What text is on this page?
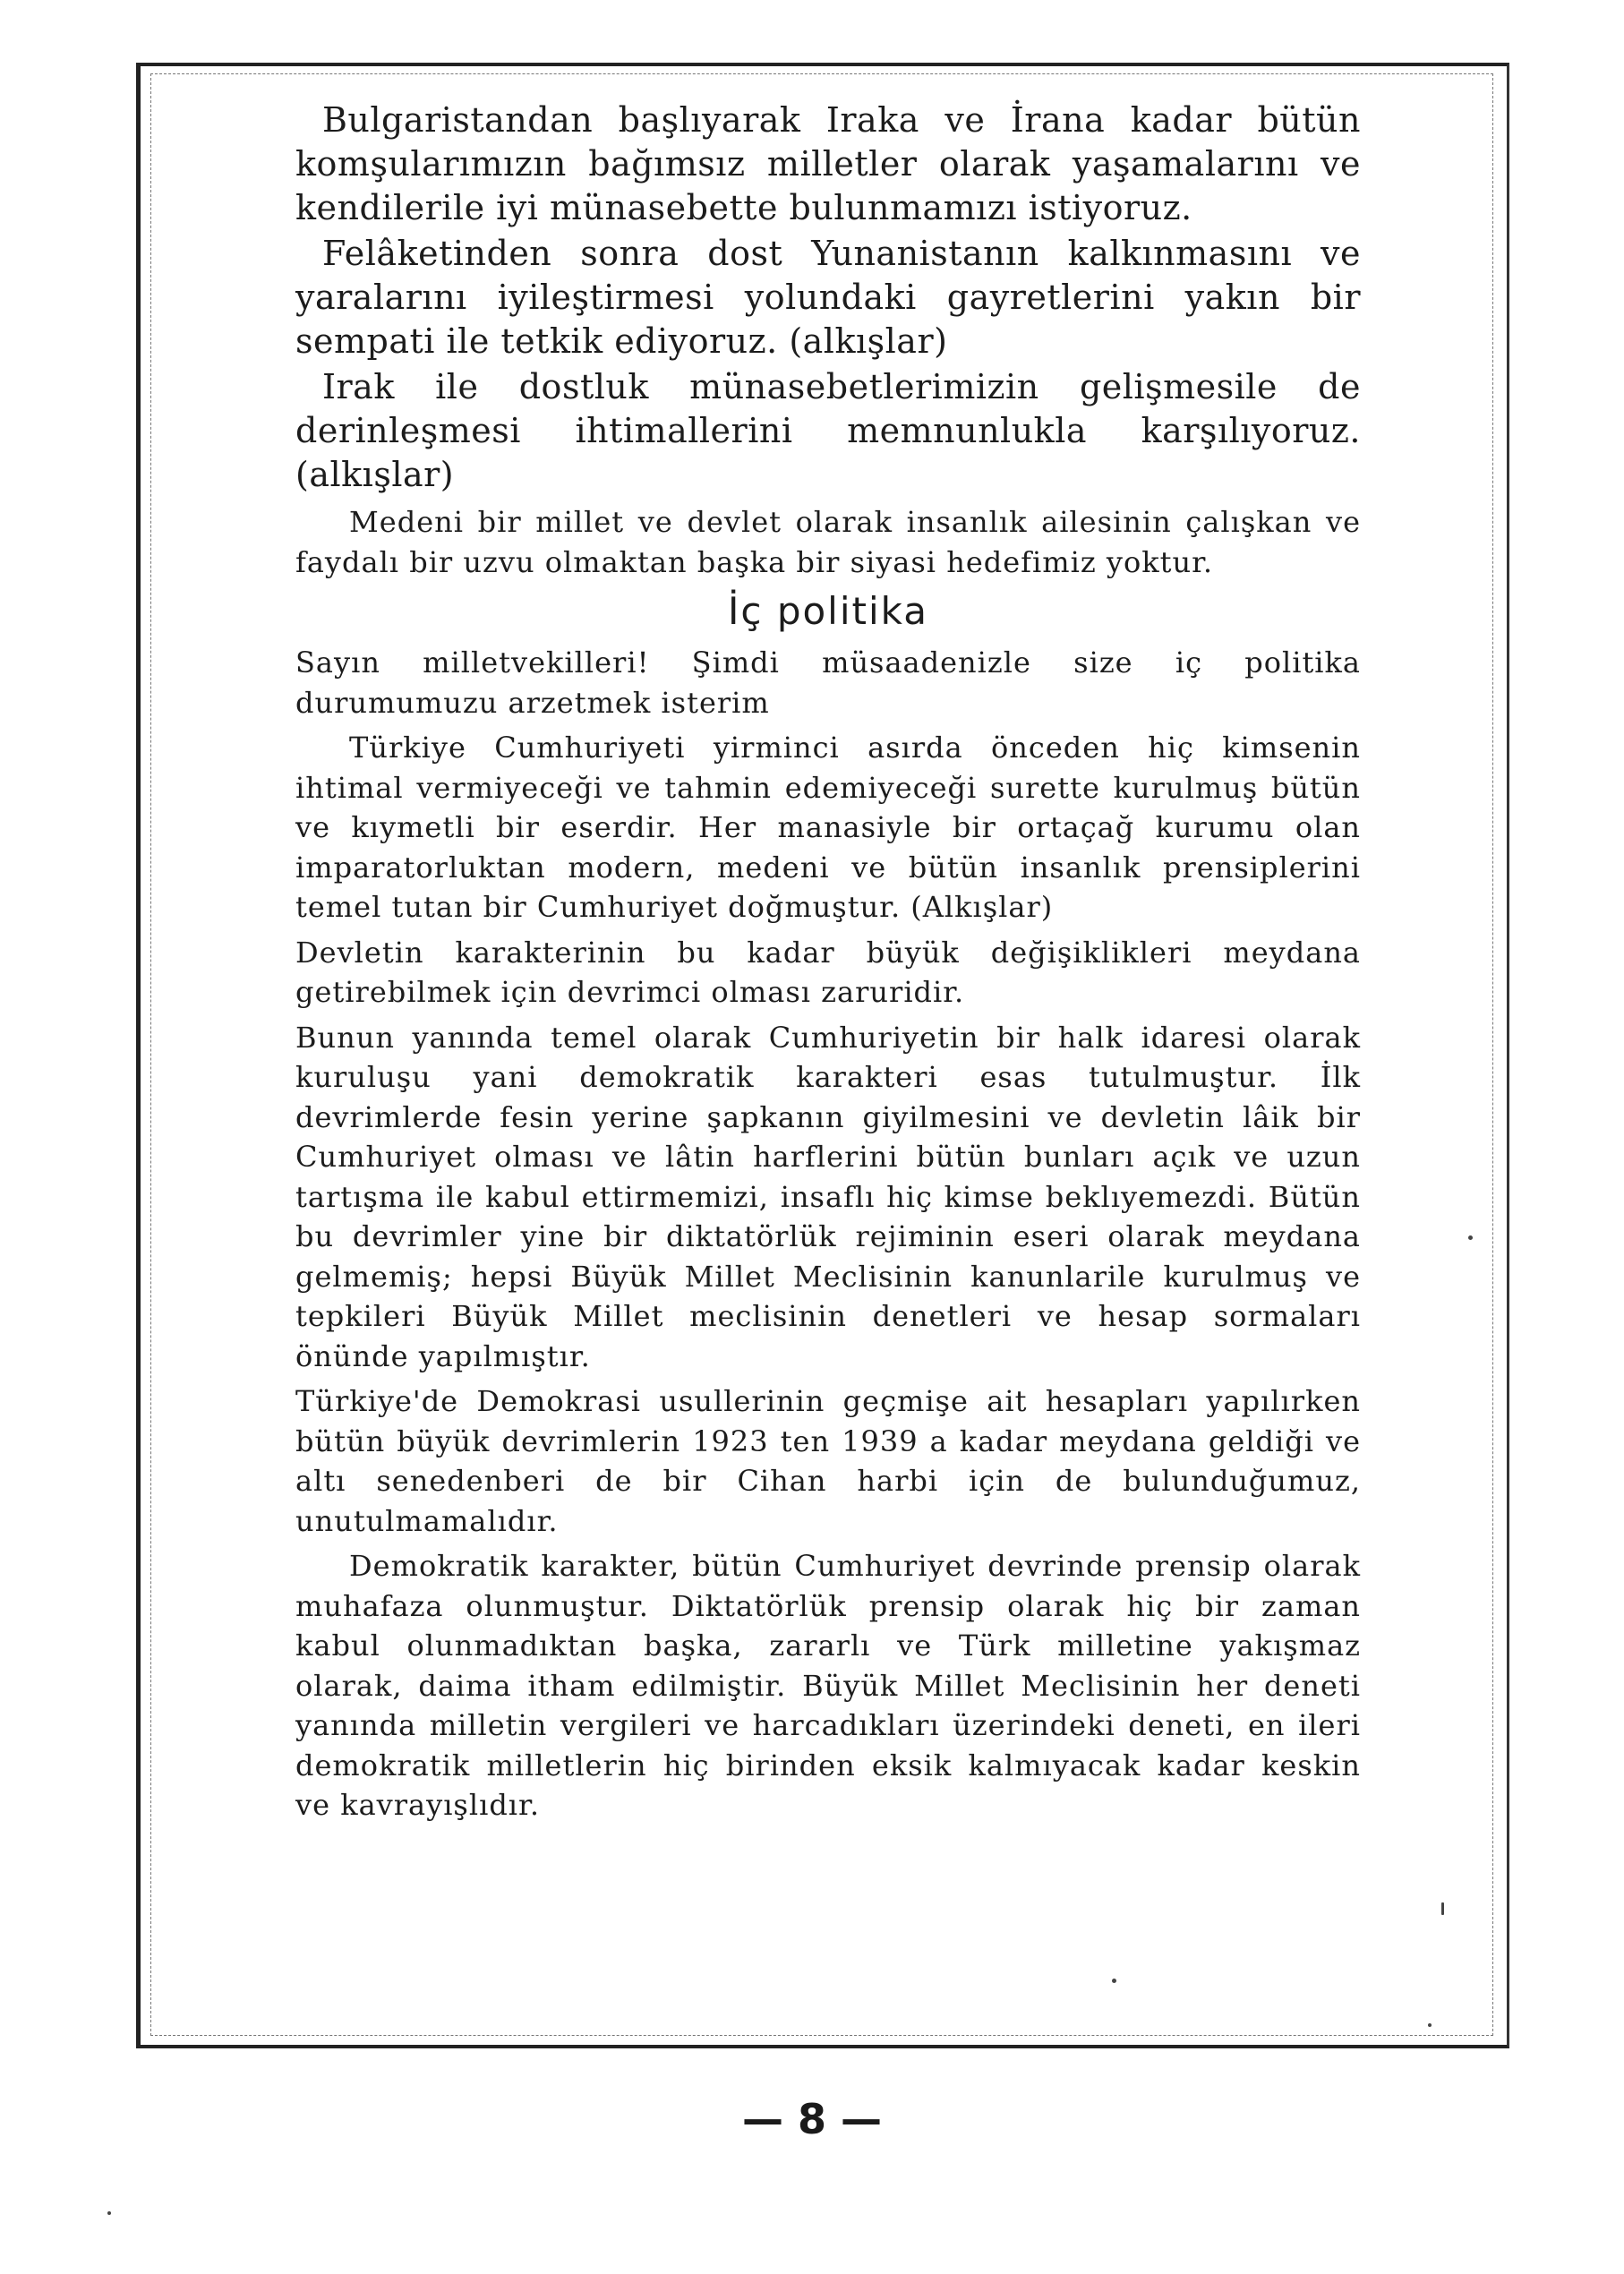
Bulgaristandan başlıyarak Iraka ve İrana kadar bütün komşularımızın bağımsız milletler olarak yaşamalarını ve kendilerile iyi münasebette bulunmamızı istiyoruz.

Felâketinden sonra dost Yunanistanın kalkınmasını ve yaralarını iyileştirmesi yolundaki gayretlerini yakın bir sempati ile tetkik ediyoruz. (alkışlar)

Irak ile dostluk münasebetlerimizin gelişmesile de derinleşmesi ihtimallerini memnunlukla karşılıyoruz. (alkışlar)

Medeni bir millet ve devlet olarak insanlık ailesinin çalışkan ve faydalı bir uzvu olmaktan başka bir siyasi hedefimiz yoktur.

İç politika

Sayın milletvekilleri! Şimdi müsaadenizle size iç politika durumumuzu arzetmek isterim

Türkiye Cumhuriyeti yirminci asırda önceden hiç kimsenin ihtimal vermiyeceği ve tahmin edemiyeceği surette kurulmuş bütün ve kıymetli bir eserdir. Her manasiyle bir ortaçağ kurumu olan imparatorluktan modern, medeni ve bütün insanlık prensiplerini temel tutan bir Cumhuriyet doğmuştur. (Alkışlar)

Devletin karakterinin bu kadar büyük değişiklikleri meydana getirebilmek için devrimci olması zaruridir.

Bunun yanında temel olarak Cumhuriyetin bir halk idaresi olarak kuruluşu yani demokratik karakteri esas tutulmuştur. İlk devrimlerde fesin yerine şapkanın giyilmesini ve devletin lâik bir Cumhuriyet olması ve lâtin harflerini bütün bunları açık ve uzun tartışma ile kabul ettirmemizi, insaflı hiç kimse beklıyemezdi. Bütün bu devrimler yine bir diktatörlük rejiminin eseri olarak meydana gelmemiş; hepsi Büyük Millet Meclisinin kanunlarile kurulmuş ve tepkileri Büyük Millet meclisinin denetleri ve hesap sormaları önünde yapılmıştır.

Türkiye'de Demokrasi usullerinin geçmişe ait hesapları yapılırken bütün büyük devrimlerin 1923 ten 1939 a kadar meydana geldiği ve altı senedenberi de bir Cihan harbi için de bulunduğumuz, unutulmamalıdır.

Demokratik karakter, bütün Cumhuriyet devrinde prensip olarak muhafaza olunmuştur. Diktatörlük prensip olarak hiç bir zaman kabul olunmadıktan başka, zararlı ve Türk milletine yakışmaz olarak, daima itham edilmiştir. Büyük Millet Meclisinin her deneti yanında milletin vergileri ve harcadıkları üzerindeki deneti, en ileri demokratik milletlerin hiç birinden eksik kalmıyacak kadar keskin ve kavrayışlıdır.

— 8 —
